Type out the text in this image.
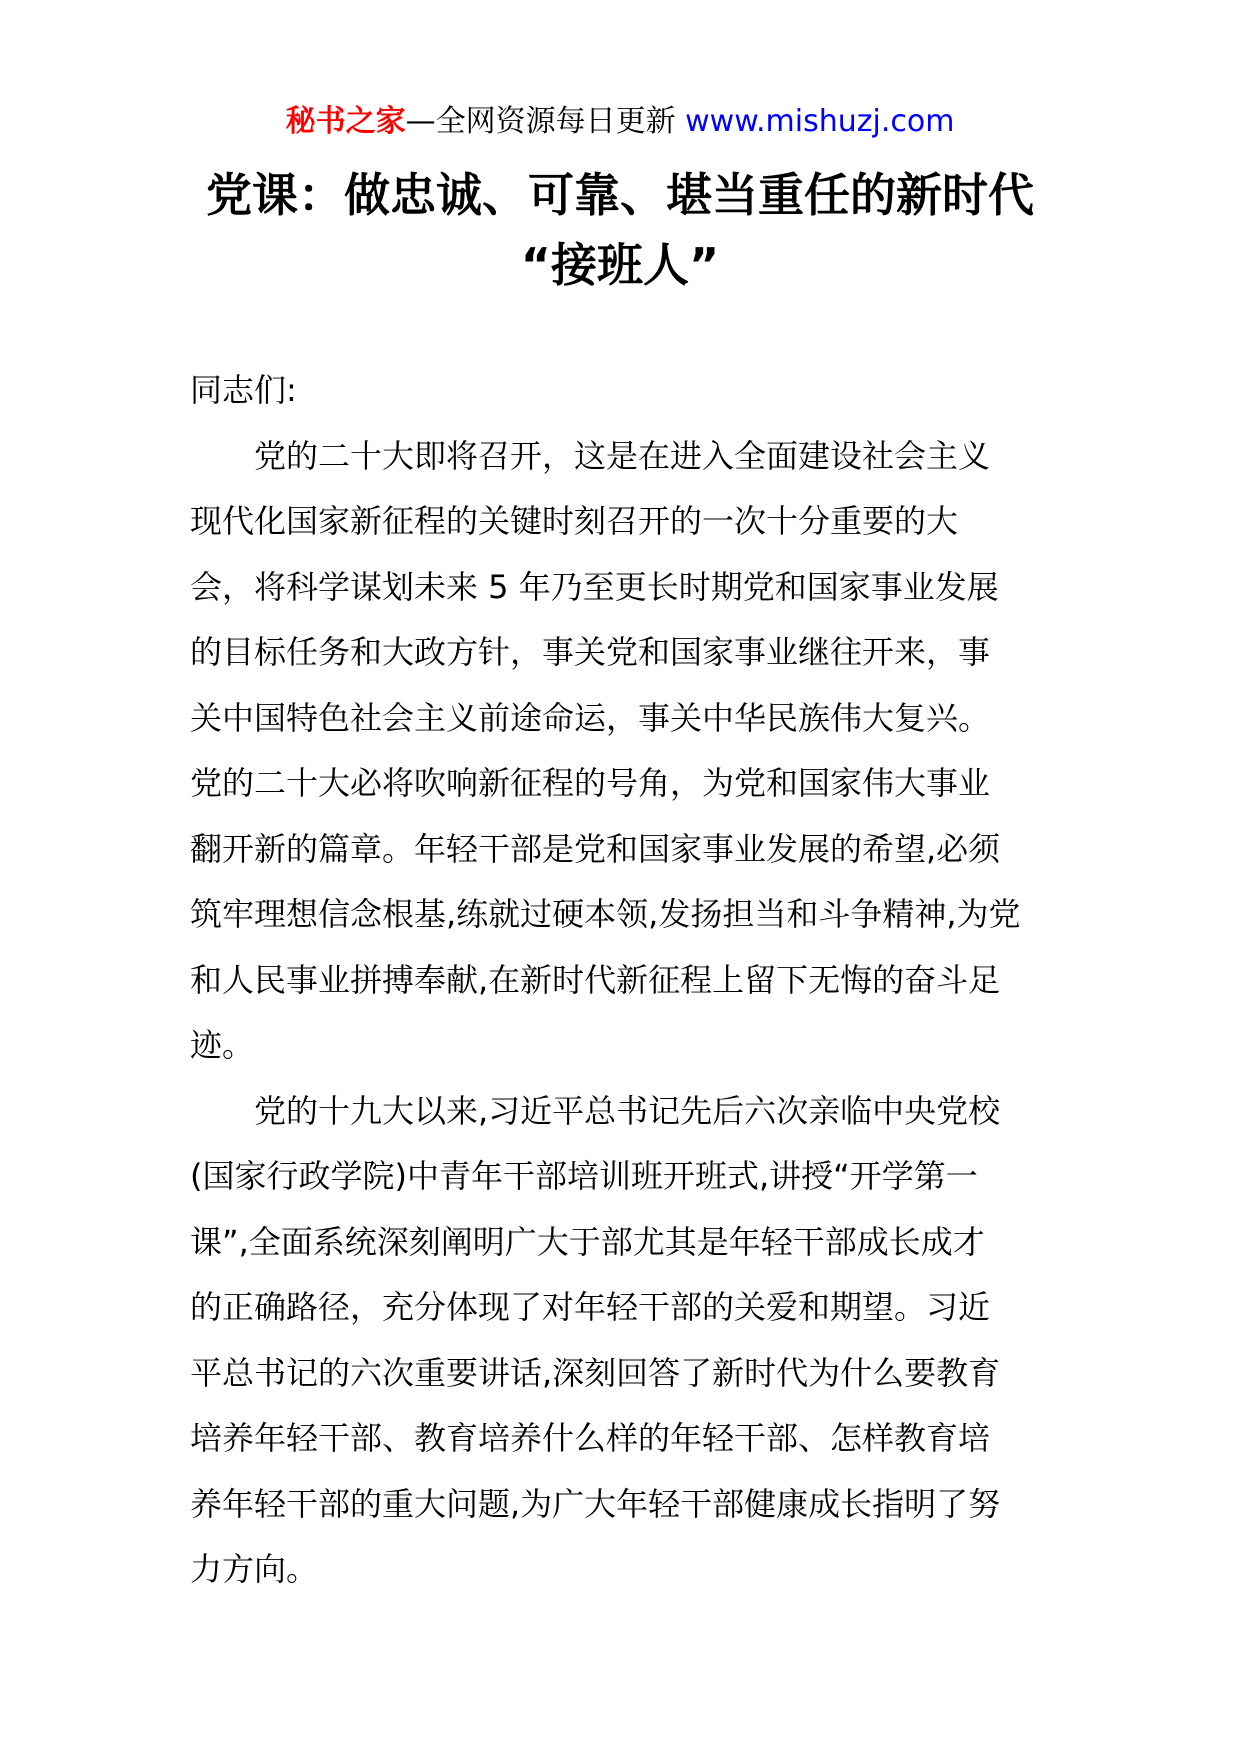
秘书之家—全网资源每日更新 www.mishuzj.com
党课：做忠诚、可靠、堪当重任的新时代
“接班人”
同志们:
党的二十大即将召开，这是在进入全面建设社会主义
现代化国家新征程的关键时刻召开的一次十分重要的大
会，将科学谋划未来 5 年乃至更长时期党和国家事业发展
的目标任务和大政方针，事关党和国家事业继往开来，事
关中国特色社会主义前途命运，事关中华民族伟大复兴。
党的二十大必将吹响新征程的号角，为党和国家伟大事业
翻开新的篇章。年轻干部是党和国家事业发展的希望,必须
筑牢理想信念根基,练就过硬本领,发扬担当和斗争精神,为党
和人民事业拼搏奉献,在新时代新征程上留下无悔的奋斗足
迹。
党的十九大以来,习近平总书记先后六次亲临中央党校
(国家行政学院)中青年干部培训班开班式,讲授“开学第一
课”,全面系统深刻阐明广大于部尤其是年轻干部成长成才
的正确路径，充分体现了对年轻干部的关爱和期望。习近
平总书记的六次重要讲话,深刻回答了新时代为什么要教育
培养年轻干部、教育培养什么样的年轻干部、怎样教育培
养年轻干部的重大问题,为广大年轻干部健康成长指明了努
力方向。
